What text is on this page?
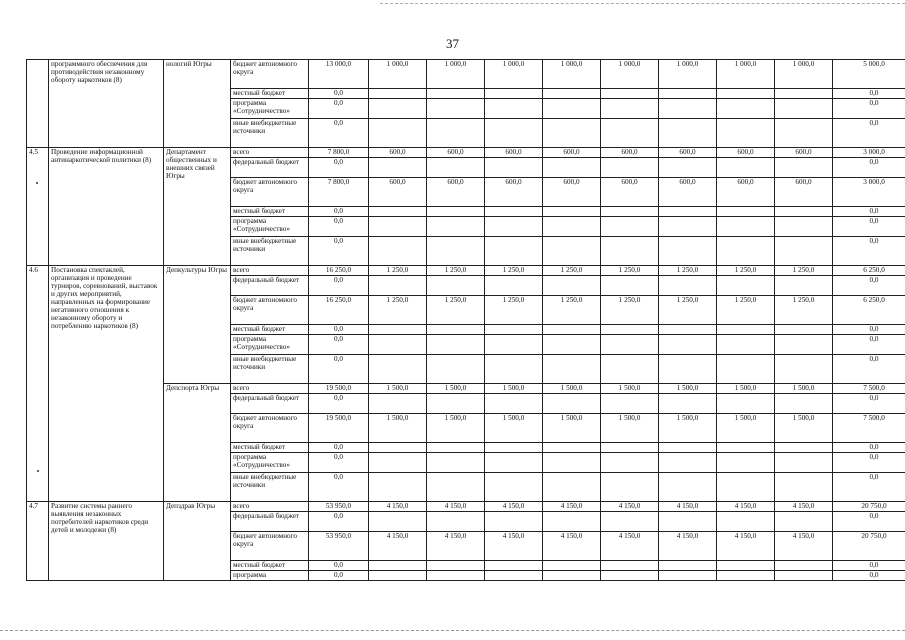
37
	программного обеспечения для противодействия незаконному обороту наркотиков (8)	нологий Югры	бюджет автономного округа	13 000,0	1 000,0	1 000,0	1 000,0	1 000,0	1 000,0	1 000,0	1 000,0	1 000,0	5 000,0
			местный бюджет	0,0									0,0
			программа «Сотрудничество»	0,0									0,0
			иные внебюджетные источники	0,0									0,0
4.5	Проведение информационной антинаркотической политики (8)	Департамент общественных и внешних связей Югры	всего	7 800,0	600,0	600,0	600,0	600,0	600,0	600,0	600,0	600,0	3 000,0
			федеральный бюджет	0,0									0,0
			бюджет автономного округа	7 800,0	600,0	600,0	600,0	600,0	600,0	600,0	600,0	600,0	3 000,0
			местный бюджет	0,0									0,0
			программа «Сотрудничество»	0,0									0,0
			иные внебюджетные источники	0,0									0,0
4.6	Постановка спектаклей, организация и проведение турниров, соревнований, выставок и других мероприятий, направленных на формирование негативного отношения к незаконному обороту и потреблению наркотиков (8)	Депкультуры Югры	всего	16 250,0	1 250,0	1 250,0	1 250,0	1 250,0	1 250,0	1 250,0	1 250,0	1 250,0	6 250,0
			федеральный бюджет	0,0									0,0
			бюджет автономного округа	16 250,0	1 250,0	1 250,0	1 250,0	1 250,0	1 250,0	1 250,0	1 250,0	1 250,0	6 250,0
			местный бюджет	0,0									0,0
			программа «Сотрудничество»	0,0									0,0
			иные внебюджетные источники	0,0									0,0
		Депспорта Югры	всего	19 500,0	1 500,0	1 500,0	1 500,0	1 500,0	1 500,0	1 500,0	1 500,0	1 500,0	7 500,0
			федеральный бюджет	0,0									0,0
			бюджет автономного округа	19 500,0	1 500,0	1 500,0	1 500,0	1 500,0	1 500,0	1 500,0	1 500,0	1 500,0	7 500,0
			местный бюджет	0,0									0,0
			программа «Сотрудничество»	0,0									0,0
			иные внебюджетные источники	0,0									0,0
4.7	Развитие системы раннего выявления незаконных потребителей наркотиков среди детей и молодежи (8)	Депздрав Югры	всего	53 950,0	4 150,0	4 150,0	4 150,0	4 150,0	4 150,0	4 150,0	4 150,0	4 150,0	20 750,0
			федеральный бюджет	0,0									0,0
			бюджет автономного округа	53 950,0	4 150,0	4 150,0	4 150,0	4 150,0	4 150,0	4 150,0	4 150,0	4 150,0	20 750,0
			местный бюджет	0,0									0,0
			программа	0,0									0,0
